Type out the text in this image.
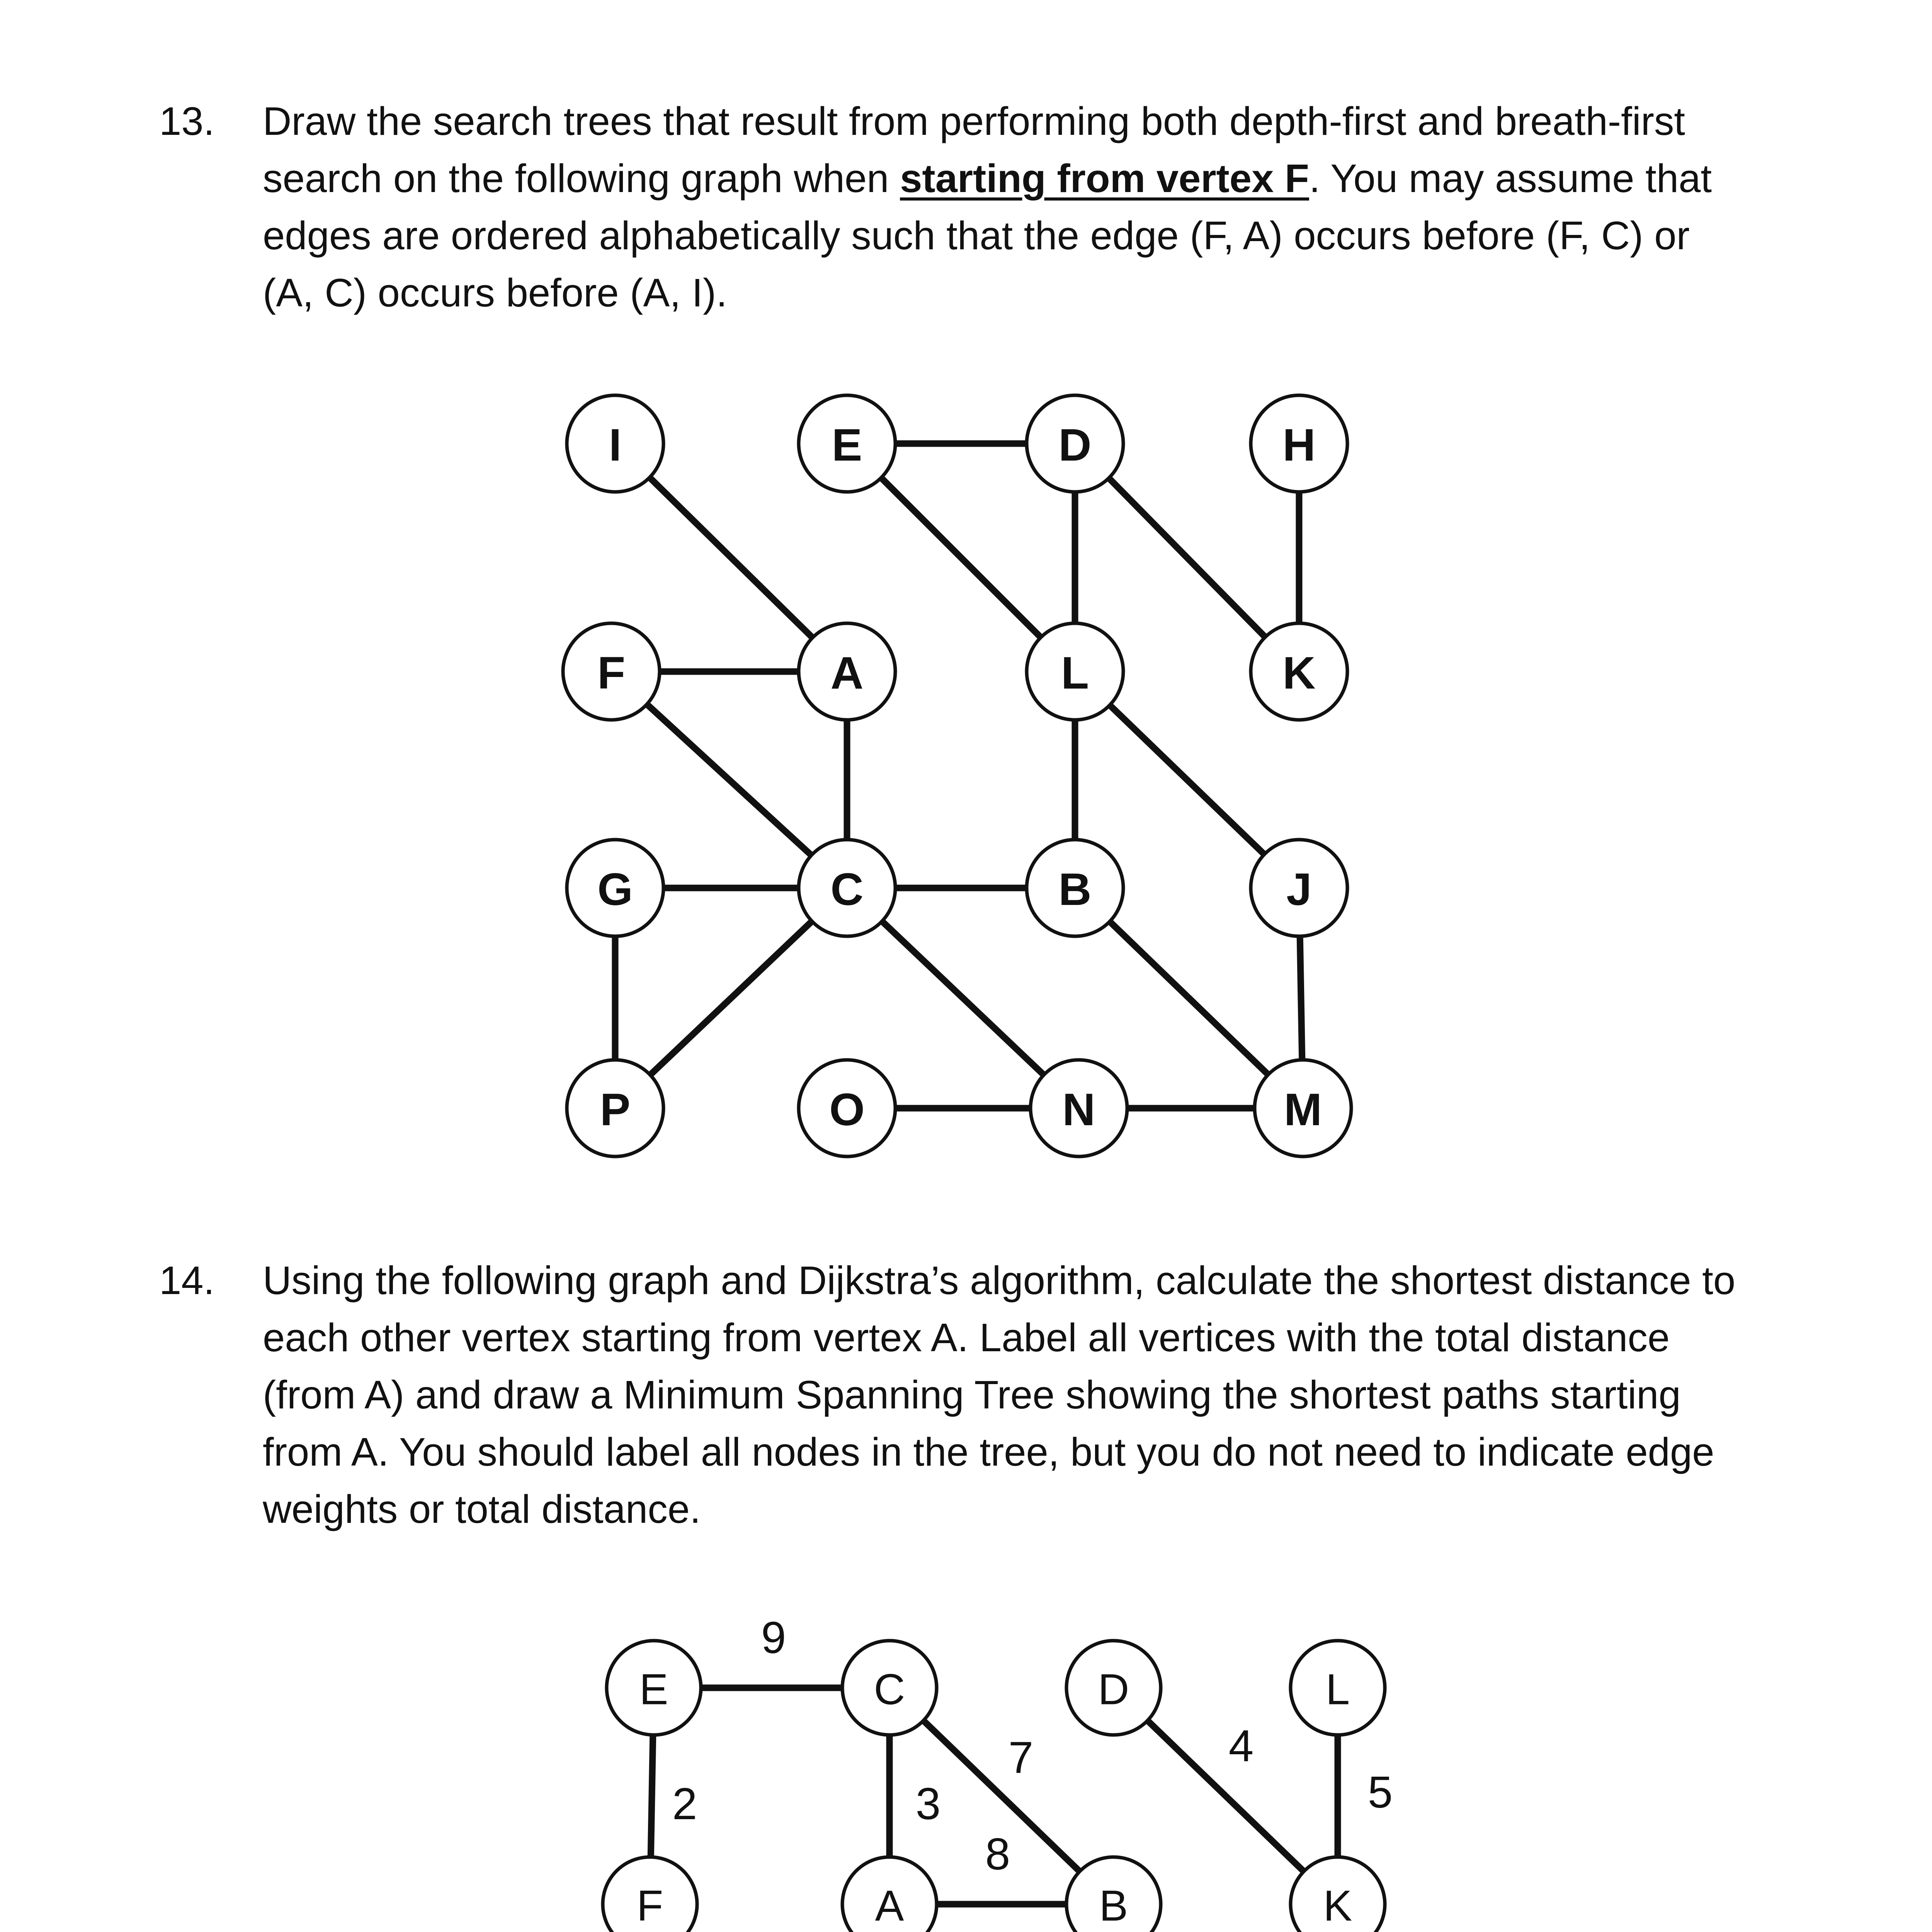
13.	Draw the search trees that result from performing both depth-first and breath-first search on the following graph when starting from vertex F. You may assume that edges are ordered alphabetically such that the edge (F, A) occurs before (F, C) or (A, C) occurs before (A, I).
I	E	D	H
F	A	L	K
G	C	B	J
P	O	N	M
14.	Using the following graph and Dijkstra’s algorithm, calculate the shortest distance to each other vertex starting from vertex A. Label all vertices with the total distance (from A) and draw a Minimum Spanning Tree showing the shortest paths starting from A. You should label all nodes in the tree, but you do not need to indicate edge weights or total distance.
9
2	3
7
8
4
5
E	C	D	L
F	A	B	K
